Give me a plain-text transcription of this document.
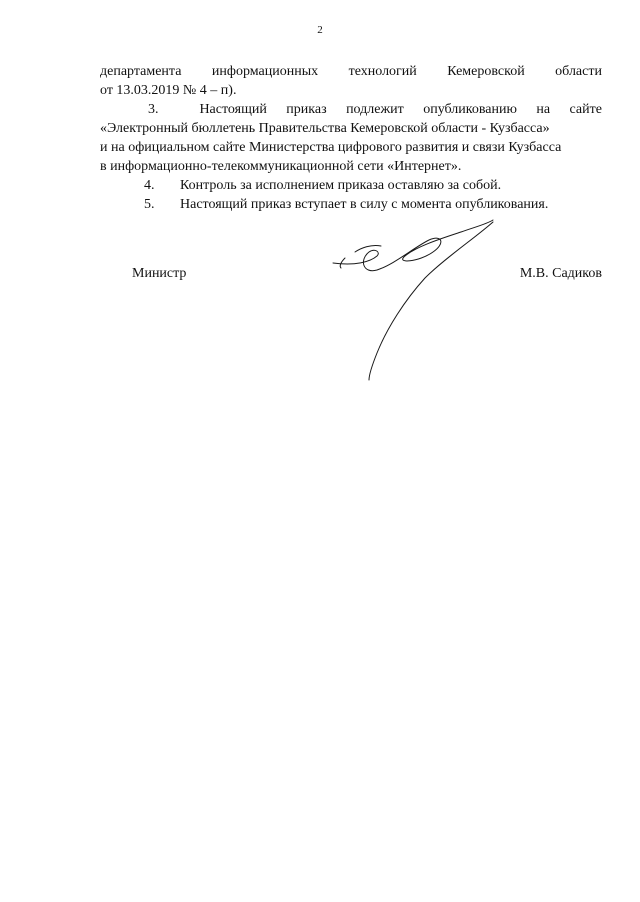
2
департамента информационных технологий Кемеровской области
от 13.03.2019 № 4 – п).
3.	Настоящий приказ подлежит опубликованию на сайте
«Электронный бюллетень Правительства Кемеровской области - Кузбасса»
и на официальном сайте Министерства цифрового развития и связи Кузбасса
в информационно-телекоммуникационной сети «Интернет».
4. Контроль за исполнением приказа оставляю за собой.
5. Настоящий приказ вступает в силу с момента опубликования.
Министр	М.В. Садиков
